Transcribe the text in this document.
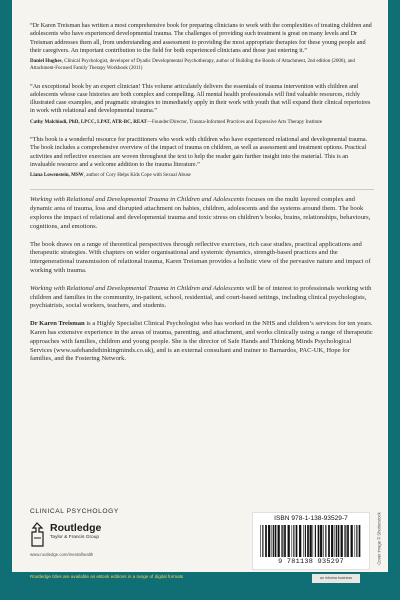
“Dr Karen Treisman has written a most comprehensive book for preparing clinicians to work with the complexities of treating children and adolescents who have experienced developmental trauma. The challenges of providing such treatment is great on many levels and Dr Treisman addresses them all, from understanding and assessment to providing the most appropriate therapies for these young people and their caregivers. An important contribution to the field for both experienced clinicians and those just entering it.”

Daniel Hughes, Clinical Psychologist, developer of Dyadic Developmental Psychotherapy, author of Building the Bonds of Attachment, 2nd edition (2006), and Attachment-Focused Family Therapy Workbook (2011)

“An exceptional book by an expert clinician! This volume articulately delivers the essentials of trauma intervention with children and adolescents whose case histories are both complex and compelling. All mental health professionals will find valuable resources, richly illustrated case examples, and pragmatic strategies to immediately apply in their work with youth that will expand their clinical repertoires in work with relational and developmental trauma.”

Cathy Malchiodi, PhD, LPCC, LPAT, ATR-BC, REAT—Founder/Director, Trauma-Informed Practices and Expressive Arts Therapy Institute

“This book is a wonderful resource for practitioners who work with children who have experienced relational and developmental trauma. The book includes a comprehensive overview of the impact of trauma on children, as well as assessment and treatment options. Practical activities and reflective exercises are woven throughout the text to help the reader gain further insight into the material. This is an invaluable resource and a welcome addition to the trauma literature.”

Liana Lowenstein, MSW, author of Cory Helps Kids Cope with Sexual Abuse

Working with Relational and Developmental Trauma in Children and Adolescents focuses on the multi layered complex and dynamic area of trauma, loss and disrupted attachment on babies, children, adolescents and the systems around them. The book explores the impact of relational and developmental trauma and toxic stress on children’s books, brains, relationships, behaviours, cognitions, and emotions.

The book draws on a range of theoretical perspectives through reflective exercises, rich case studies, practical applications and therapeutic strategies. With chapters on wider organisational and systemic dynamics, strength-based practices and the intergenerational transmission of relational trauma, Karen Treisman provides a holistic view of the pervasive nature and impact of working with trauma.

Working with Relational and Developmental Trauma in Children and Adolescents will be of interest to professionals working with children and families in the community, in-patient, school, residential, and court-based settings, including clinical psychologists, psychiatrists, social workers, teachers, and students.

Dr Karen Treisman is a Highly Specialist Clinical Psychologist who has worked in the NHS and children’s services for ten years. Karen has extensive experience in the areas of trauma, parenting, and attachment, and works clinically using a range of therapeutic approaches with families, children and young people. She is the director of Safe Hands and Thinking Minds Psychological Services (www.safehandsthinkingminds.co.uk), and is an external consultant and trainer to Barnardos, PAC-UK, Hope for families, and the Fostering Network.

CLINICAL PSYCHOLOGY
Routledge
Taylor & Francis Group
www.routledge.com/mentalhealth
ISBN 978-1-138-93529-7
9 781138 935297	Cover image © Shutterstock
Routledge titles are available as eBook editions in a range of digital formats	an informa business
